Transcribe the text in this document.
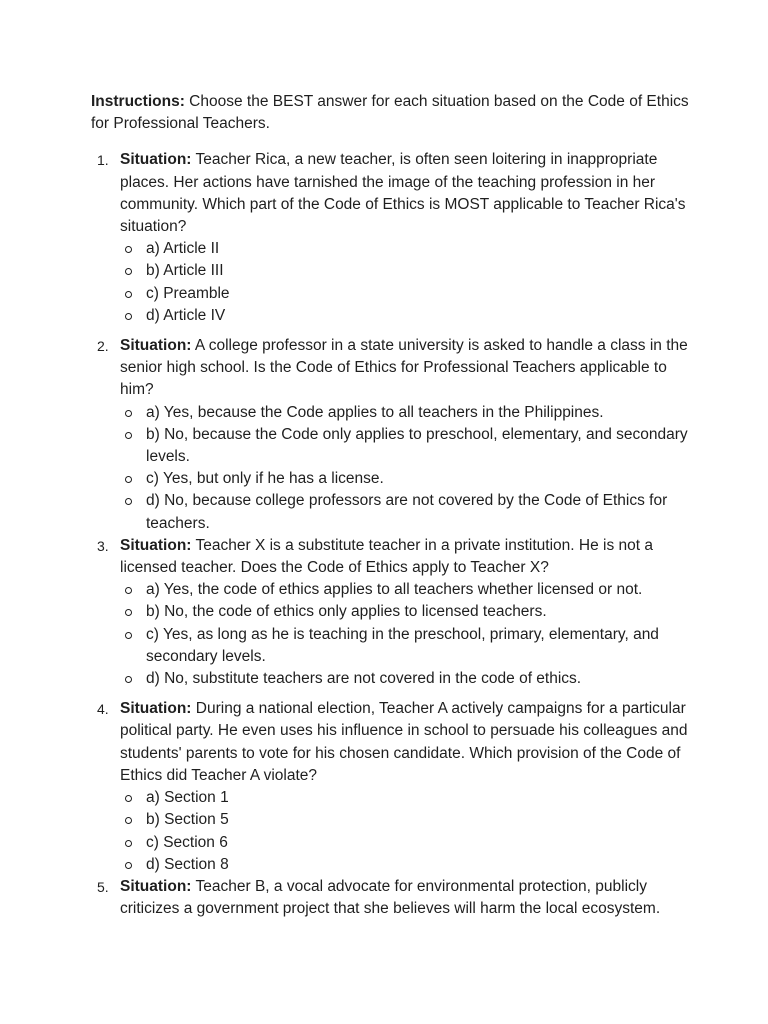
Instructions: Choose the BEST answer for each situation based on the Code of Ethics for Professional Teachers.

1. Situation: Teacher Rica, a new teacher, is often seen loitering in inappropriate places. Her actions have tarnished the image of the teaching profession in her community. Which part of the Code of Ethics is MOST applicable to Teacher Rica's situation?
a) Article II
b) Article III
c) Preamble
d) Article IV
2. Situation: A college professor in a state university is asked to handle a class in the senior high school. Is the Code of Ethics for Professional Teachers applicable to him?
a) Yes, because the Code applies to all teachers in the Philippines.
b) No, because the Code only applies to preschool, elementary, and secondary levels.
c) Yes, but only if he has a license.
d) No, because college professors are not covered by the Code of Ethics for teachers.
3. Situation: Teacher X is a substitute teacher in a private institution. He is not a licensed teacher. Does the Code of Ethics apply to Teacher X?
a) Yes, the code of ethics applies to all teachers whether licensed or not.
b) No, the code of ethics only applies to licensed teachers.
c) Yes, as long as he is teaching in the preschool, primary, elementary, and secondary levels.
d) No, substitute teachers are not covered in the code of ethics.
4. Situation: During a national election, Teacher A actively campaigns for a particular political party. He even uses his influence in school to persuade his colleagues and students' parents to vote for his chosen candidate. Which provision of the Code of Ethics did Teacher A violate?
a) Section 1
b) Section 5
c) Section 6
d) Section 8
5. Situation: Teacher B, a vocal advocate for environmental protection, publicly criticizes a government project that she believes will harm the local ecosystem.
